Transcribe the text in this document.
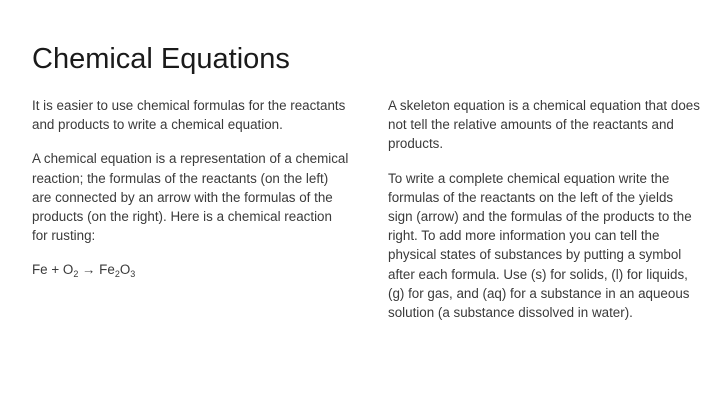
Chemical Equations

It is easier to use chemical formulas for the reactants and products to write a chemical equation.

A chemical equation is a representation of a chemical reaction; the formulas of the reactants (on the left) are connected by an arrow with the formulas of the products (on the right). Here is a chemical reaction for rusting:

$Fe + O_2 \to Fe_2O_3$

A skeleton equation is a chemical equation that does not tell the relative amounts of the reactants and products.

To write a complete chemical equation write the formulas of the reactants on the left of the yields sign (arrow) and the formulas of the products to the right. To add more information you can tell the physical states of substances by putting a symbol after each formula. Use (s) for solids, (l) for liquids, (g) for gas, and (aq) for a substance in an aqueous solution (a substance dissolved in water).
